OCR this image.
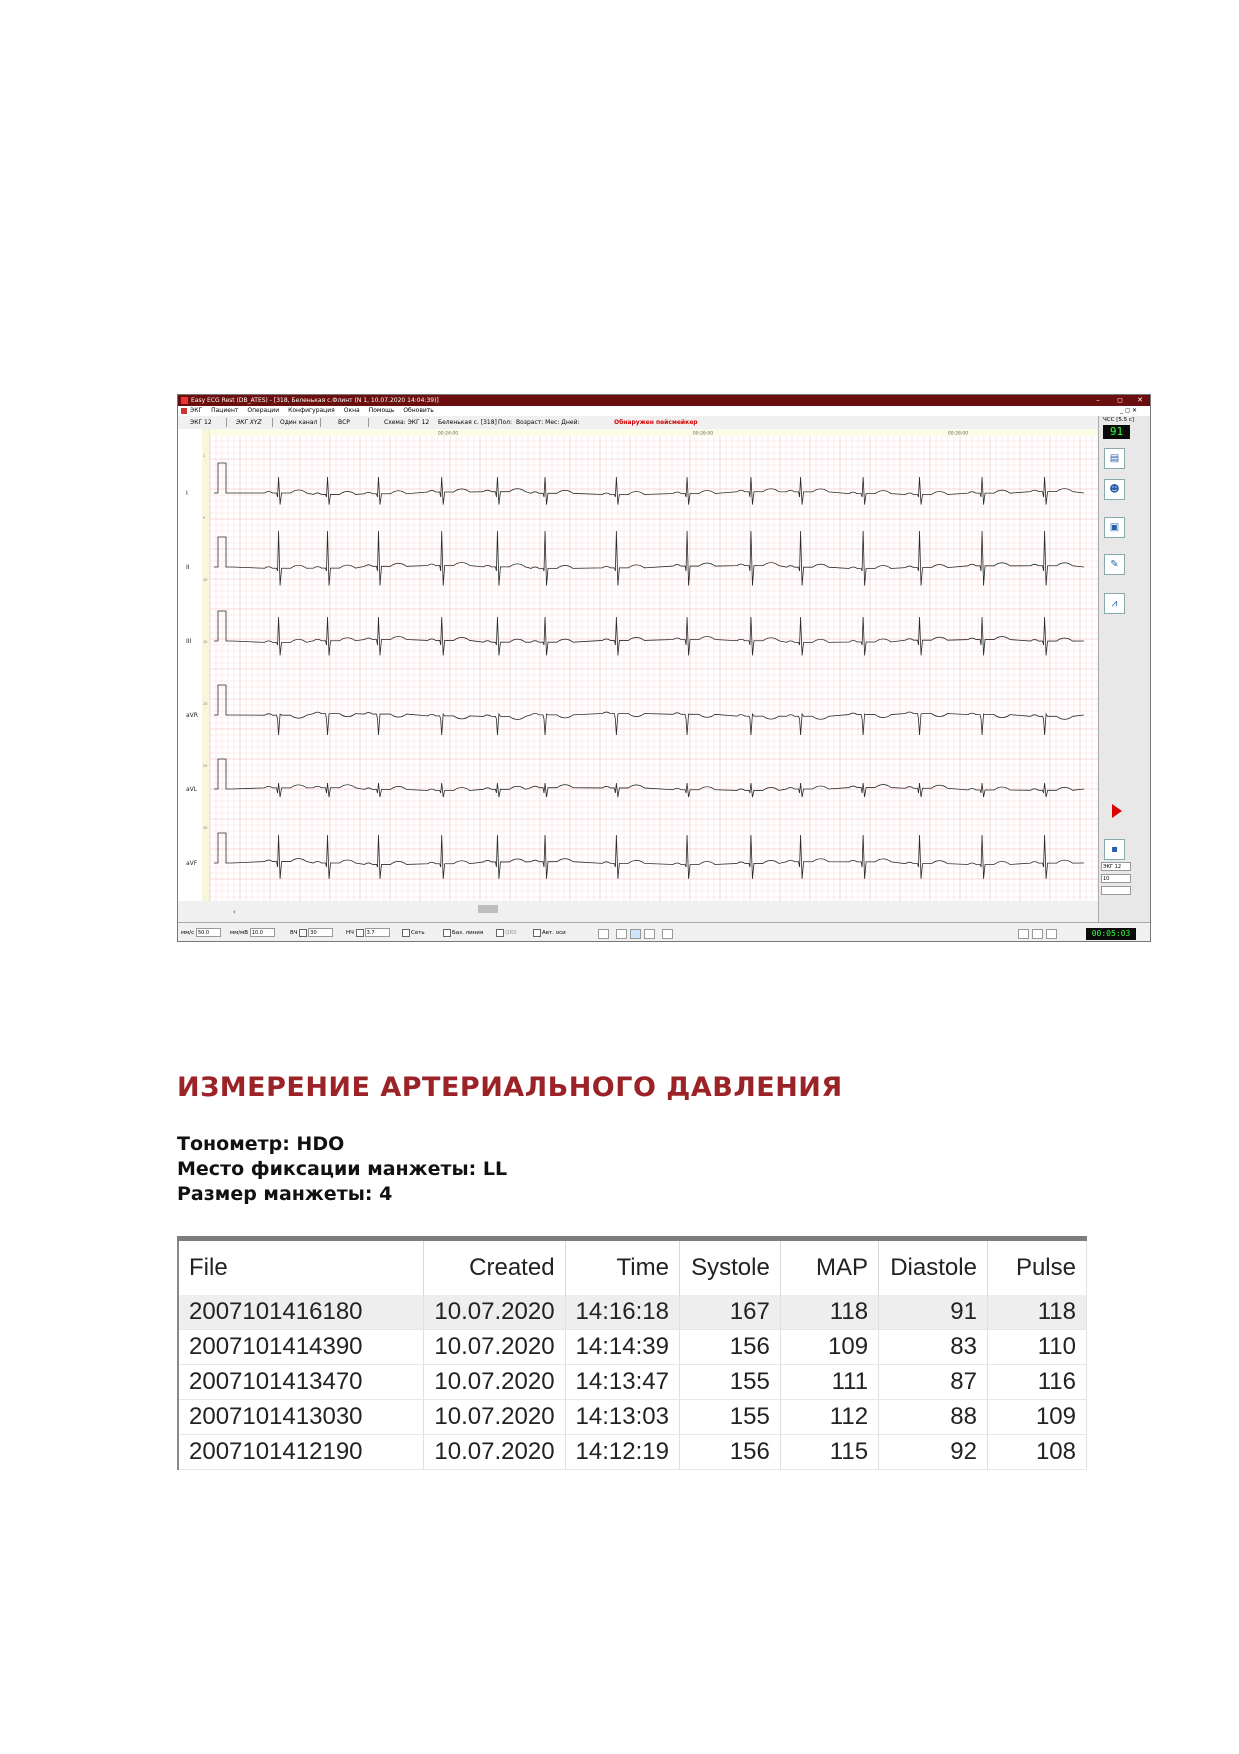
Easy ECG Rest (DB_ATES) - [318, Беленькая с.Флинт (N 1, 10.07.2020 14:04:39)]	–	◻	✕
ЭКГ Пациент Операции Конфигурация Окна Помощь Обновить	_ ◻ ✕
ЭКГ 12	ЭКГ XYZ	Один канал	ВСР	Схема: ЭКГ 12 Беленькая с. [318] Пол: Возраст: Мес: Дней:	Обнаружен пейсмейкер
00:24:00	00:26:00	00:28:00
1
5
10
15
20
25
30
I
II
III
aVR
aVL
aVF
‹
ЧСС [5.5 с]
91
▤
☻
▣
✎
⩘
▪
ЭКГ 12
10
мм/с 50.0	мм/мВ 10.0	ВЧ	30	НЧ	3.7	Сеть	Баз. линия	QRS	Авт. оси	00:05:03
ИЗМЕРЕНИЕ АРТЕРИАЛЬНОГО ДАВЛЕНИЯ
Тонометр: HDO
Место фиксации манжеты: LL
Размер манжеты: 4
File	Created	Time	Systole	MAP	Diastole	Pulse
2007101416180	10.07.2020	14:16:18	167	118	91	118
2007101414390	10.07.2020	14:14:39	156	109	83	110
2007101413470	10.07.2020	14:13:47	155	111	87	116
2007101413030	10.07.2020	14:13:03	155	112	88	109
2007101412190	10.07.2020	14:12:19	156	115	92	108
